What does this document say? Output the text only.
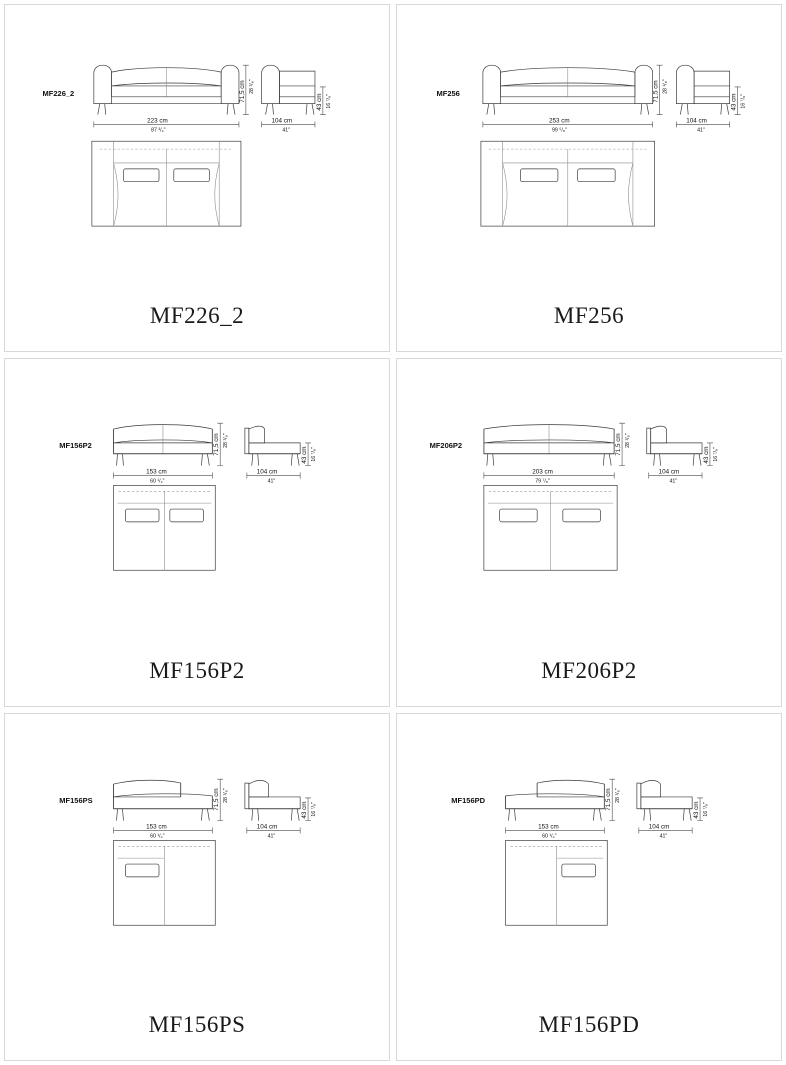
71,5 cm 28 ¹/₈"
223 cm
87 ³/₄"
MF226_2
43 cm 16 ⁷/₈"
104 cm
41"
MF226_2
71,5 cm 28 ¹/₈"
253 cm
99 ⁵/₈"
MF256
43 cm 16 ⁷/₈"
104 cm
41"
MF256
71,5 cm 28 ¹/₈"
153 cm
60 ¹/₄"
MF156P2
43 cm 16 ⁷/₈"
104 cm
41"
MF156P2
71,5 cm 28 ¹/₈"
203 cm
79 ⁷/₈"
MF206P2
43 cm 16 ⁷/₈"
104 cm
41"
MF206P2
71,5 cm 28 ¹/₈"
153 cm
60 ¹/₄"
MF156PS
43 cm 16 ⁷/₈"
104 cm
41"
MF156PS
71,5 cm 28 ¹/₈"
153 cm
60 ¹/₄"
MF156PD
43 cm 16 ⁷/₈"
104 cm
41"
MF156PD
